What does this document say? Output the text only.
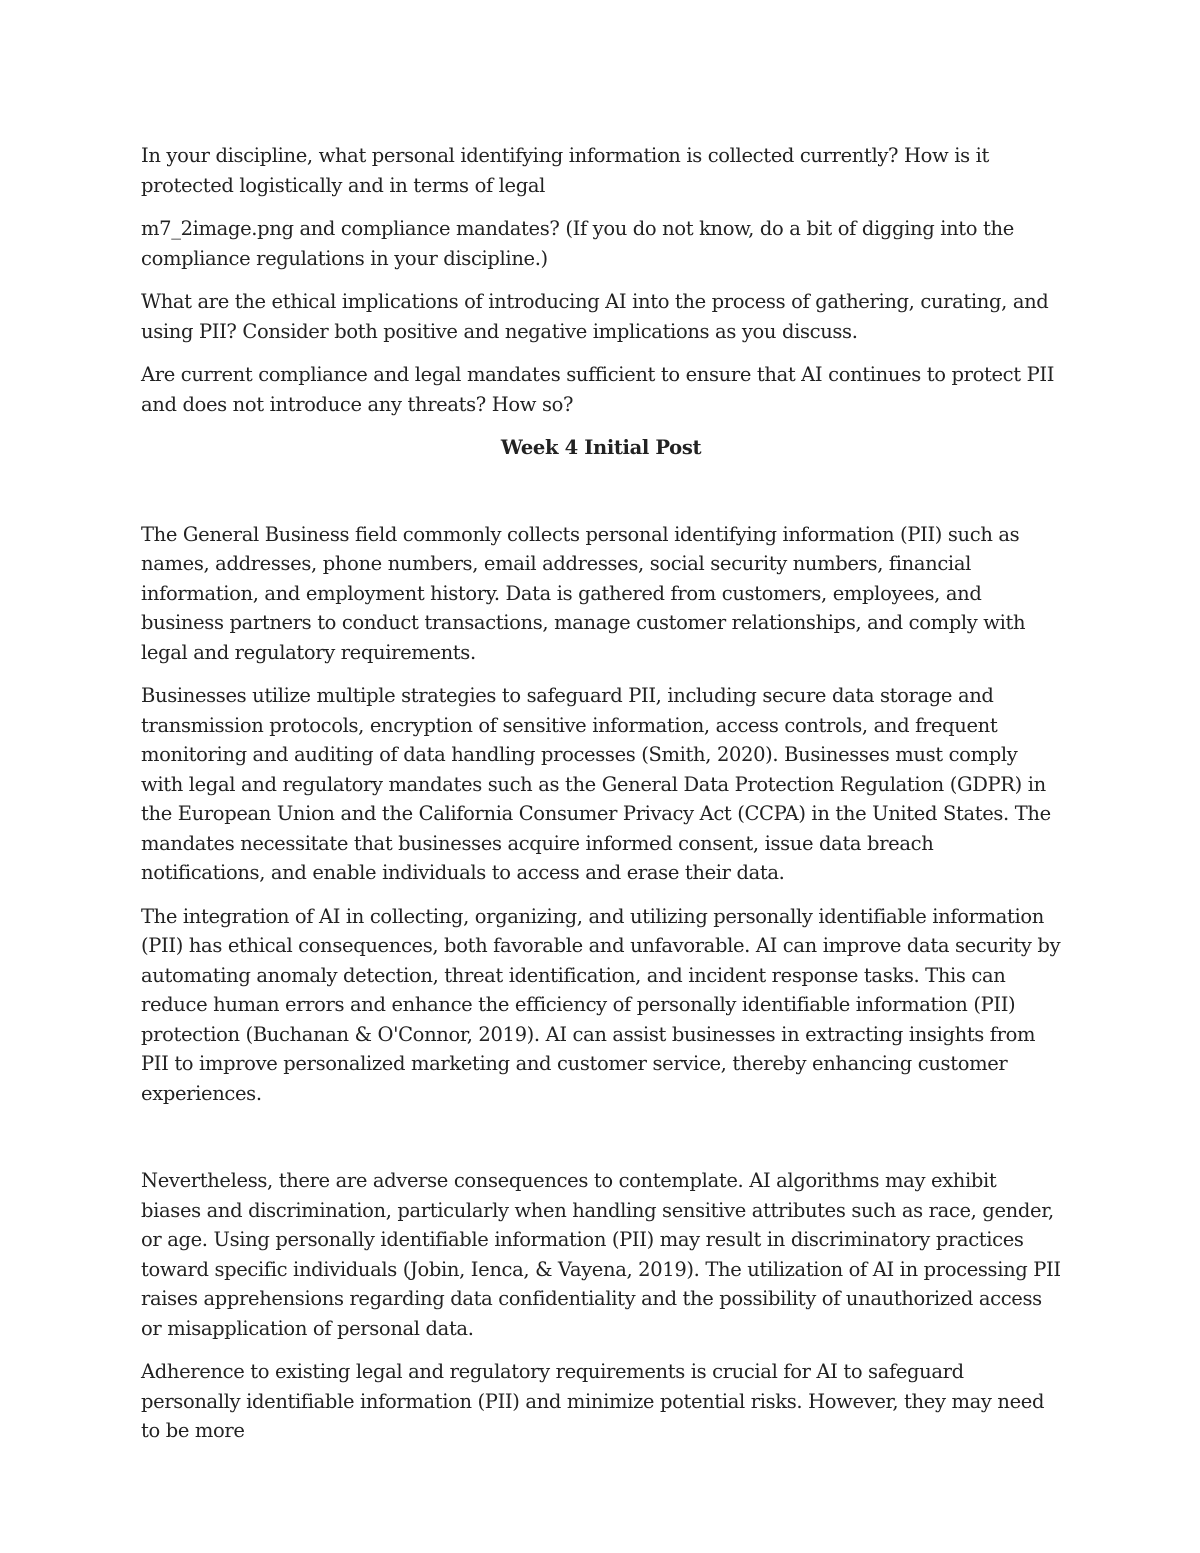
In your discipline, what personal identifying information is collected currently? How is it protected logistically and in terms of legal

m7_2image.png and compliance mandates? (If you do not know, do a bit of digging into the compliance regulations in your discipline.)

What are the ethical implications of introducing AI into the process of gathering, curating, and using PII? Consider both positive and negative implications as you discuss.

Are current compliance and legal mandates sufficient to ensure that AI continues to protect PII and does not introduce any threats? How so?

Week 4 Initial Post

The General Business field commonly collects personal identifying information (PII) such as names, addresses, phone numbers, email addresses, social security numbers, financial information, and employment history. Data is gathered from customers, employees, and business partners to conduct transactions, manage customer relationships, and comply with legal and regulatory requirements.

Businesses utilize multiple strategies to safeguard PII, including secure data storage and transmission protocols, encryption of sensitive information, access controls, and frequent monitoring and auditing of data handling processes (Smith, 2020). Businesses must comply with legal and regulatory mandates such as the General Data Protection Regulation (GDPR) in the European Union and the California Consumer Privacy Act (CCPA) in the United States. The mandates necessitate that businesses acquire informed consent, issue data breach notifications, and enable individuals to access and erase their data.

The integration of AI in collecting, organizing, and utilizing personally identifiable information (PII) has ethical consequences, both favorable and unfavorable. AI can improve data security by automating anomaly detection, threat identification, and incident response tasks. This can reduce human errors and enhance the efficiency of personally identifiable information (PII) protection (Buchanan & O'Connor, 2019). AI can assist businesses in extracting insights from PII to improve personalized marketing and customer service, thereby enhancing customer experiences.

Nevertheless, there are adverse consequences to contemplate. AI algorithms may exhibit biases and discrimination, particularly when handling sensitive attributes such as race, gender, or age. Using personally identifiable information (PII) may result in discriminatory practices toward specific individuals (Jobin, Ienca, & Vayena, 2019). The utilization of AI in processing PII raises apprehensions regarding data confidentiality and the possibility of unauthorized access or misapplication of personal data.

Adherence to existing legal and regulatory requirements is crucial for AI to safeguard personally identifiable information (PII) and minimize potential risks. However, they may need to be more
